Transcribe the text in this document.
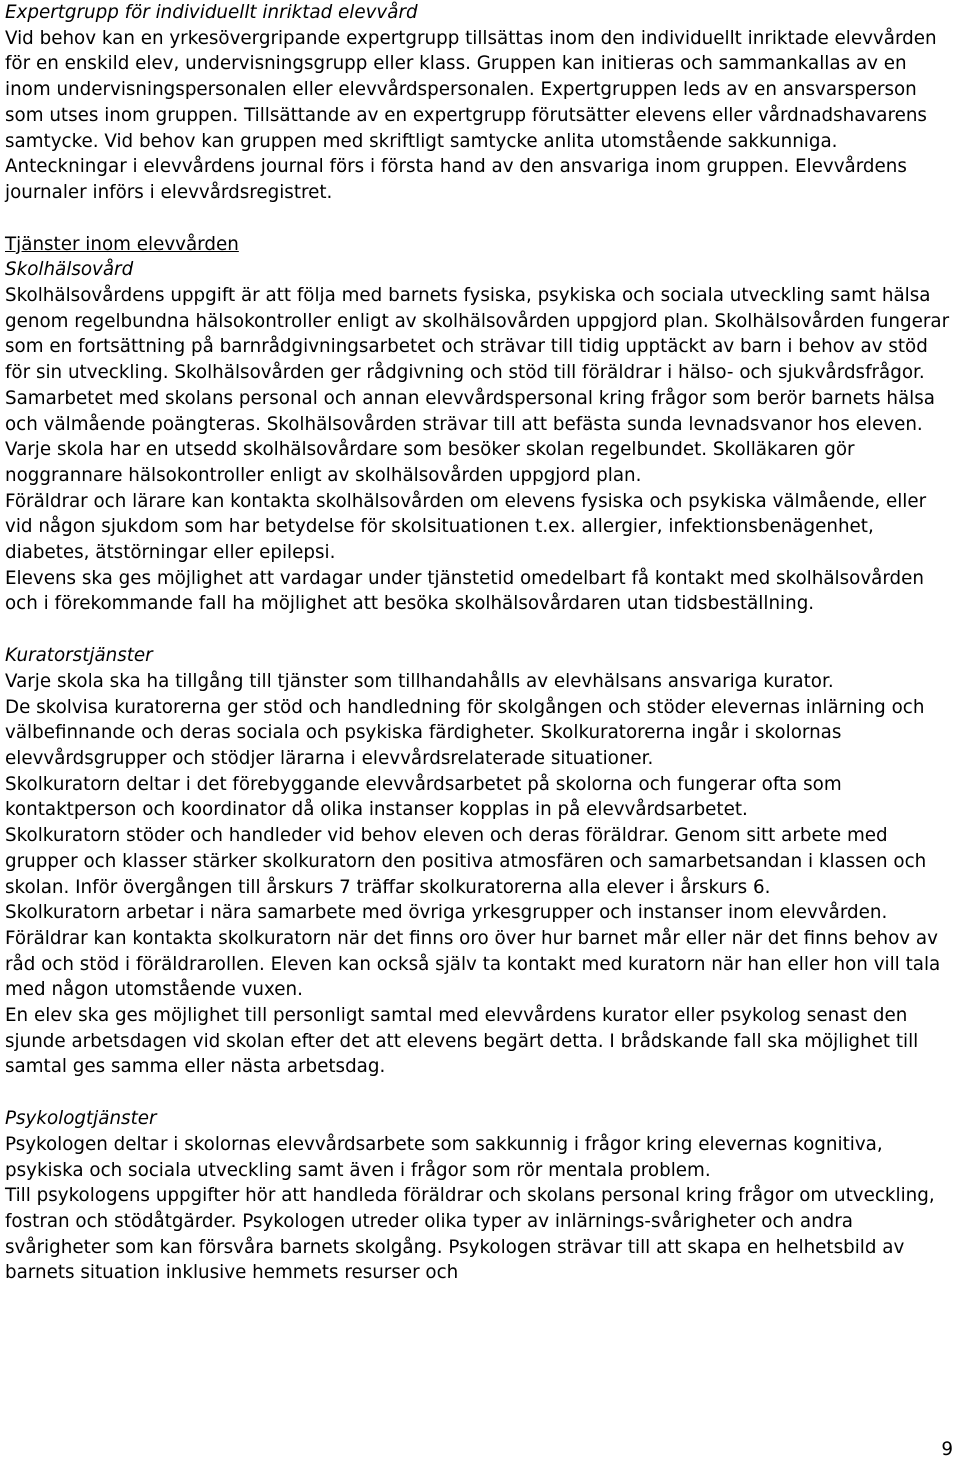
Expertgrupp för individuellt inriktad elevvård

Vid behov kan en yrkesövergripande expertgrupp tillsättas inom den individuellt inriktade elevvården för en enskild elev, undervisningsgrupp eller klass. Gruppen kan initieras och sammankallas av en inom undervisningspersonalen eller elevvårdspersonalen. Expertgruppen leds av en ansvarsperson som utses inom gruppen. Tillsättande av en expertgrupp förutsätter elevens eller vårdnadshavarens samtycke. Vid behov kan gruppen med skriftligt samtycke anlita utomstående sakkunniga. Anteckningar i elevvårdens journal förs i första hand av den ansvariga inom gruppen. Elevvårdens journaler införs i elevvårdsregistret.

Tjänster inom elevvården

Skolhälsovård

Skolhälsovårdens uppgift är att följa med barnets fysiska, psykiska och sociala utveckling samt hälsa genom regelbundna hälsokontroller enligt av skolhälsovården uppgjord plan. Skolhälsovården fungerar som en fortsättning på barnrådgivningsarbetet och strävar till tidig upptäckt av barn i behov av stöd för sin utveckling. Skolhälsovården ger rådgivning och stöd till föräldrar i hälso- och sjukvårdsfrågor. Samarbetet med skolans personal och annan elevvårdspersonal kring frågor som berör barnets hälsa och välmående poängteras. Skolhälsovården strävar till att befästa sunda levnadsvanor hos eleven.

Varje skola har en utsedd skolhälsovårdare som besöker skolan regelbundet. Skolläkaren gör noggrannare hälsokontroller enligt av skolhälsovården uppgjord plan.

Föräldrar och lärare kan kontakta skolhälsovården om elevens fysiska och psykiska välmående, eller vid någon sjukdom som har betydelse för skolsituationen t.ex. allergier, infektionsbenägenhet, diabetes, ätstörningar eller epilepsi.

Elevens ska ges möjlighet att vardagar under tjänstetid omedelbart få kontakt med skolhälsovården och i förekommande fall ha möjlighet att besöka skolhälsovårdaren utan tidsbeställning.

Kuratorstjänster

Varje skola ska ha tillgång till tjänster som tillhandahålls av elevhälsans ansvariga kurator.

De skolvisa kuratorerna ger stöd och handledning för skolgången och stöder elevernas inlärning och välbefinnande och deras sociala och psykiska färdigheter. Skolkuratorerna ingår i skolornas elevvårdsgrupper och stödjer lärarna i elevvårdsrelaterade situationer.

Skolkuratorn deltar i det förebyggande elevvårdsarbetet på skolorna och fungerar ofta som kontaktperson och koordinator då olika instanser kopplas in på elevvårdsarbetet.

Skolkuratorn stöder och handleder vid behov eleven och deras föräldrar. Genom sitt arbete med grupper och klasser stärker skolkuratorn den positiva atmosfären och samarbetsandan i klassen och skolan. Inför övergången till årskurs 7 träffar skolkuratorerna alla elever i årskurs 6.

Skolkuratorn arbetar i nära samarbete med övriga yrkesgrupper och instanser inom elevvården. Föräldrar kan kontakta skolkuratorn när det finns oro över hur barnet mår eller när det finns behov av råd och stöd i föräldrarollen. Eleven kan också själv ta kontakt med kuratorn när han eller hon vill tala med någon utomstående vuxen.

En elev ska ges möjlighet till personligt samtal med elevvårdens kurator eller psykolog senast den sjunde arbetsdagen vid skolan efter det att elevens begärt detta. I brådskande fall ska möjlighet till samtal ges samma eller nästa arbetsdag.

Psykologtjänster

Psykologen deltar i skolornas elevvårdsarbete som sakkunnig i frågor kring elevernas kognitiva, psykiska och sociala utveckling samt även i frågor som rör mentala problem.

Till psykologens uppgifter hör att handleda föräldrar och skolans personal kring frågor om utveckling, fostran och stödåtgärder. Psykologen utreder olika typer av inlärnings-svårigheter och andra svårigheter som kan försvåra barnets skolgång. Psykologen strävar till att skapa en helhetsbild av barnets situation inklusive hemmets resurser och

9
